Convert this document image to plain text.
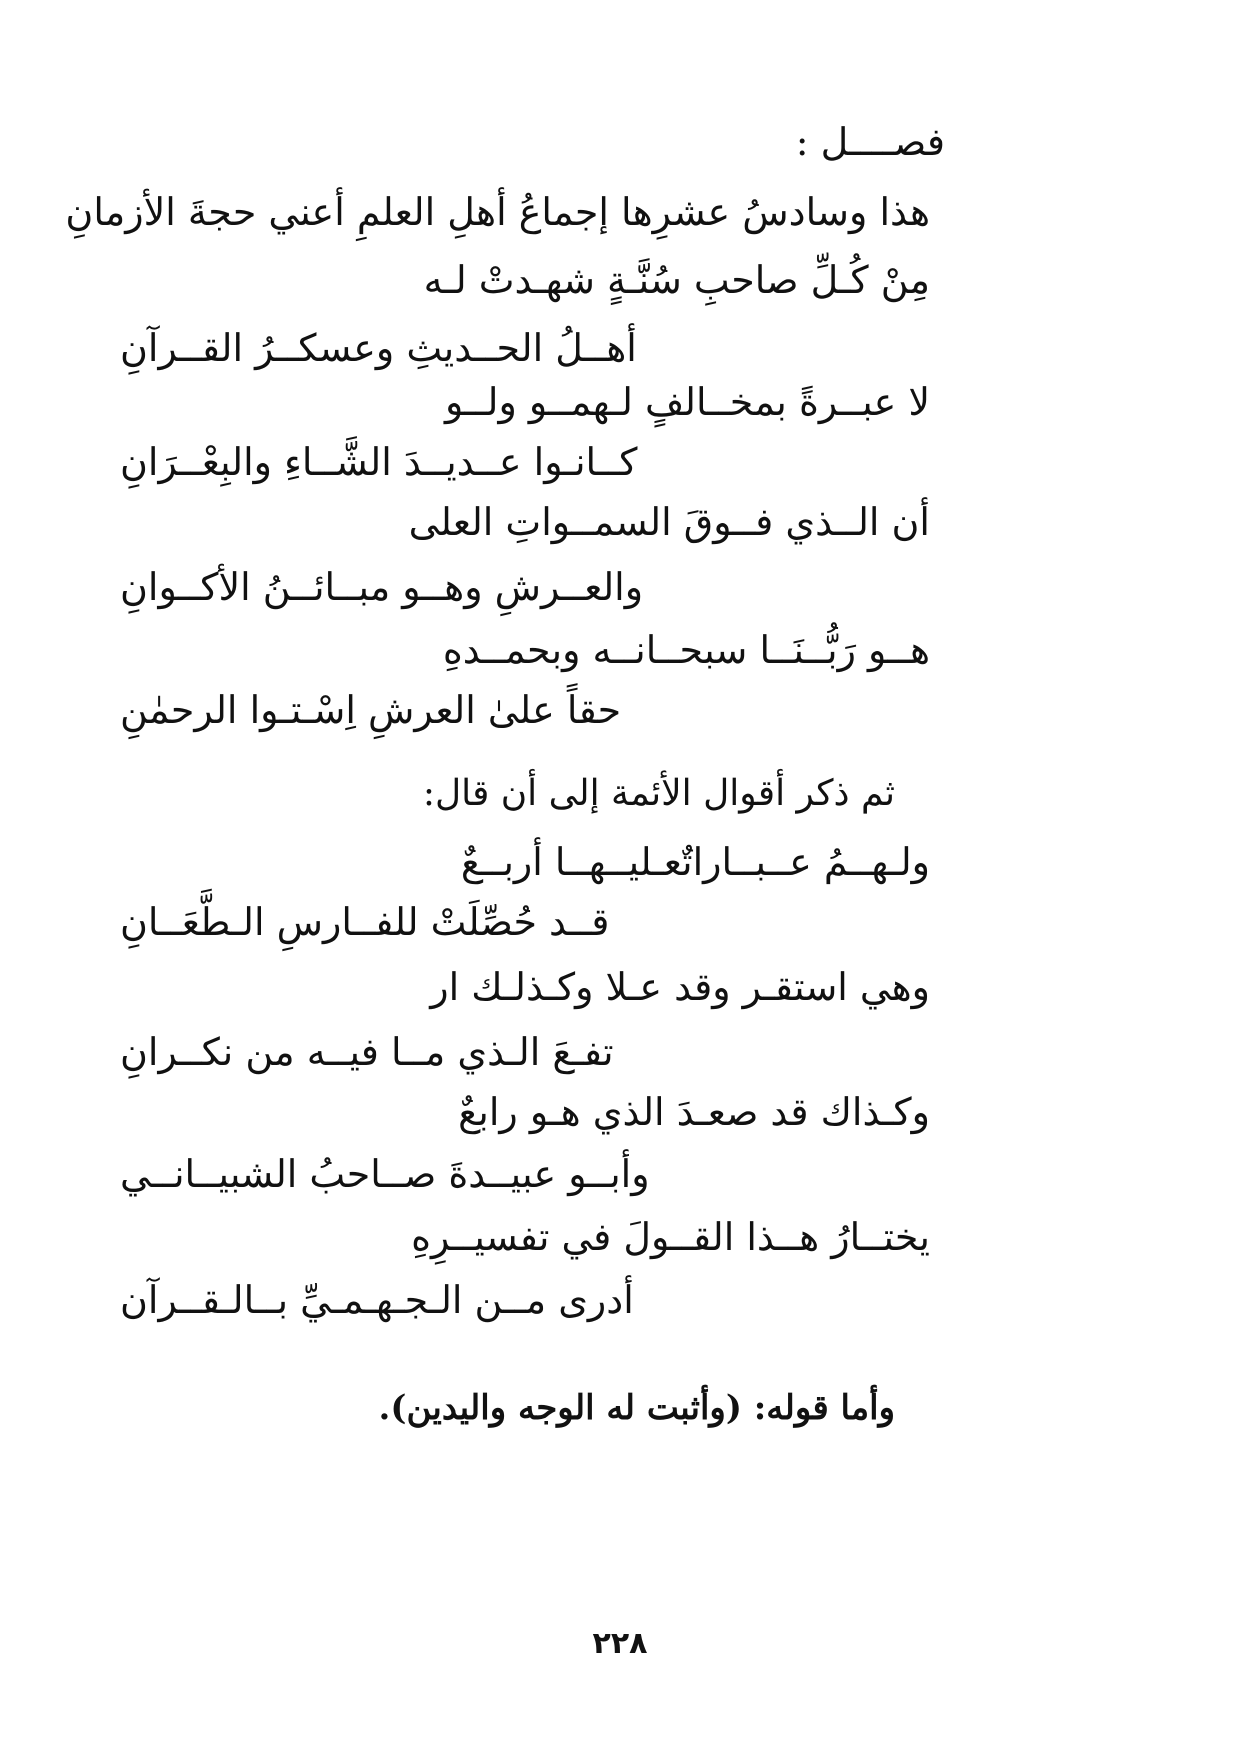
فصــــل :
هذا وسادسُ عشرِها إجماعُ أهلِ العلمِ أعني حجةَ الأزمانِ
مِنْ كُـلِّ صاحبِ سُنَّـةٍ شهـدتْ لـه
أهــلُ الحــديثِ وعسكــرُ القــرآنِ
لا عبــرةً بمخــالفٍ لـهمــو ولــو
كــانـوا عــديــدَ الشَّــاءِ والبِعْــرَانِ
أن الــذي فــوقَ السمــواتِ العلى
والعــرشِ وهــو مبــائــنُ الأكــوانِ
هــو رَبُّــنَــا سبحــانــه وبحمــدهِ
حقاً علىٰ العرشِ اِسْـتـوا الرحمٰنِ
ثم ذكر أقوال الأئمة إلى أن قال:
ولـهــمُ عــبــاراتٌعـليــهــا أربــعٌ
قــد حُصِّلَتْ للفــارسِ الـطَّعَــانِ
وهي استقـر وقد عـلا وكـذلـك ار
تفـعَ الـذي مــا فيــه من نكــرانِ
وكـذاك قد صعـدَ الذي هـو رابعٌ
وأبــو عبيــدةَ صــاحبُ الشبيــانــي
يختــارُ هــذا القــولَ في تفسيــرِهِ
أدرى مــن الـجـهـمـيِّ بــالـقــرآن
وأما قوله: (وأثبت له الوجه واليدين).
٢٢٨
